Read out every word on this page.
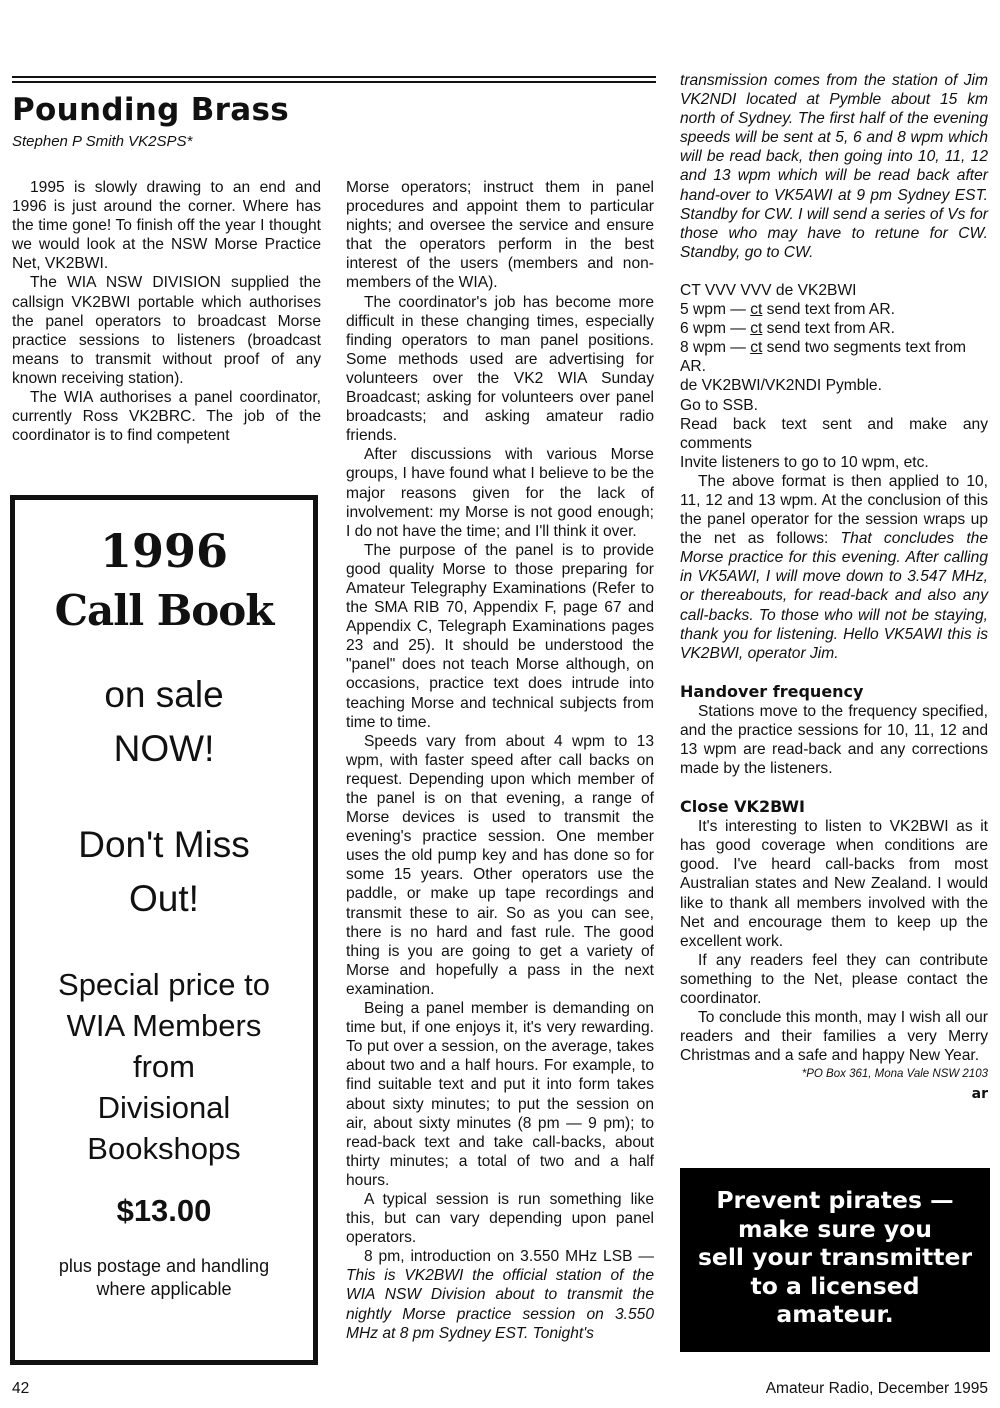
Pounding Brass

Stephen P Smith VK2SPS*

1995 is slowly drawing to an end and 1996 is just around the corner. Where has the time gone! To finish off the year I thought we would look at the NSW Morse Practice Net, VK2BWI.

The WIA NSW DIVISION supplied the callsign VK2BWI portable which authorises the panel operators to broadcast Morse practice sessions to listeners (broadcast means to transmit without proof of any known receiving station).

The WIA authorises a panel coordinator, currently Ross VK2BRC. The job of the coordinator is to find competent

1996
Call Book
on sale
NOW!
Don't Miss
Out!
Special price to
WIA Members
from
Divisional
Bookshops
$13.00
plus postage and handling
where applicable

Morse operators; instruct them in panel procedures and appoint them to particular nights; and oversee the service and ensure that the operators perform in the best interest of the users (members and non-members of the WIA).

The coordinator's job has become more difficult in these changing times, especially finding operators to man panel positions. Some methods used are advertising for volunteers over the VK2 WIA Sunday Broadcast; asking for volunteers over panel broadcasts; and asking amateur radio friends.

After discussions with various Morse groups, I have found what I believe to be the major reasons given for the lack of involvement: my Morse is not good enough; I do not have the time; and I'll think it over.

The purpose of the panel is to provide good quality Morse to those preparing for Amateur Telegraphy Examinations (Refer to the SMA RIB 70, Appendix F, page 67 and Appendix C, Telegraph Examinations pages 23 and 25). It should be understood the "panel" does not teach Morse although, on occasions, practice text does intrude into teaching Morse and technical subjects from time to time.

Speeds vary from about 4 wpm to 13 wpm, with faster speed after call backs on request. Depending upon which member of the panel is on that evening, a range of Morse devices is used to transmit the evening's practice session. One member uses the old pump key and has done so for some 15 years. Other operators use the paddle, or make up tape recordings and transmit these to air. So as you can see, there is no hard and fast rule. The good thing is you are going to get a variety of Morse and hopefully a pass in the next examination.

Being a panel member is demanding on time but, if one enjoys it, it's very rewarding. To put over a session, on the average, takes about two and a half hours. For example, to find suitable text and put it into form takes about sixty minutes; to put the session on air, about sixty minutes (8 pm — 9 pm); to read-back text and take call-backs, about thirty minutes; a total of two and a half hours.

A typical session is run something like this, but can vary depending upon panel operators.

8 pm, introduction on 3.550 MHz LSB — This is VK2BWI the official station of the WIA NSW Division about to transmit the nightly Morse practice session on 3.550 MHz at 8 pm Sydney EST. Tonight's

transmission comes from the station of Jim VK2NDI located at Pymble about 15 km north of Sydney. The first half of the evening speeds will be sent at 5, 6 and 8 wpm which will be read back, then going into 10, 11, 12 and 13 wpm which will be read back after hand-over to VK5AWI at 9 pm Sydney EST. Standby for CW. I will send a series of Vs for those who may have to retune for CW. Standby, go to CW.

CT VVV VVV de VK2BWI

5 wpm — ct send text from AR.

6 wpm — ct send text from AR.

8 wpm — ct send two segments text from AR.

de VK2BWI/VK2NDI Pymble.

Go to SSB.

Read back text sent and make any comments

Invite listeners to go to 10 wpm, etc.

The above format is then applied to 10, 11, 12 and 13 wpm. At the conclusion of this the panel operator for the session wraps up the net as follows: That concludes the Morse practice for this evening. After calling in VK5AWI, I will move down to 3.547 MHz, or thereabouts, for read-back and also any call-backs. To those who will not be staying, thank you for listening. Hello VK5AWI this is VK2BWI, operator Jim.

Handover frequency

Stations move to the frequency specified, and the practice sessions for 10, 11, 12 and 13 wpm are read-back and any corrections made by the listeners.

Close VK2BWI

It's interesting to listen to VK2BWI as it has good coverage when conditions are good. I've heard call-backs from most Australian states and New Zealand. I would like to thank all members involved with the Net and encourage them to keep up the excellent work.

If any readers feel they can contribute something to the Net, please contact the coordinator.

To conclude this month, may I wish all our readers and their families a very Merry Christmas and a safe and happy New Year.

*PO Box 361, Mona Vale NSW 2103
ar
Prevent pirates —
make sure you
sell your transmitter
to a licensed
amateur.
42	Amateur Radio, December 1995
